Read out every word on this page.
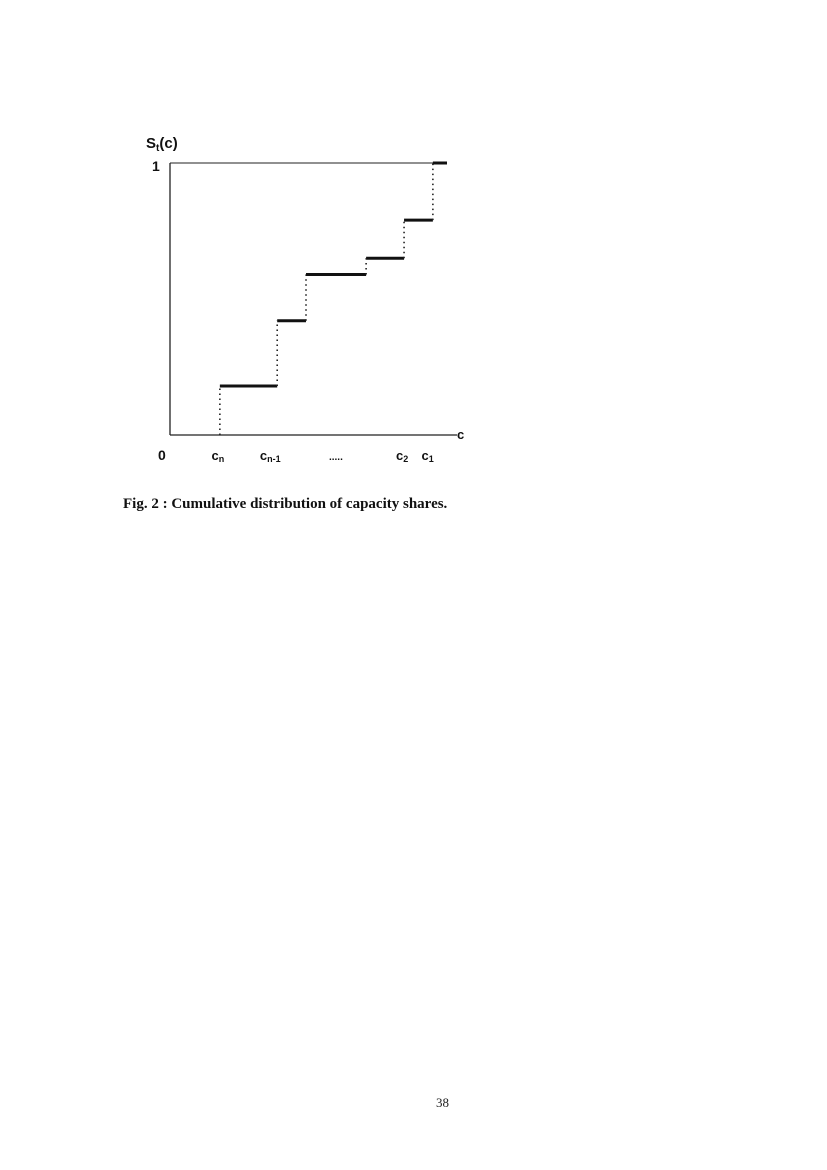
$S_t(c)$
1
0
c
cn	cn-1	.....	c2 c1
Fig. 2 : Cumulative distribution of capacity shares.
38
